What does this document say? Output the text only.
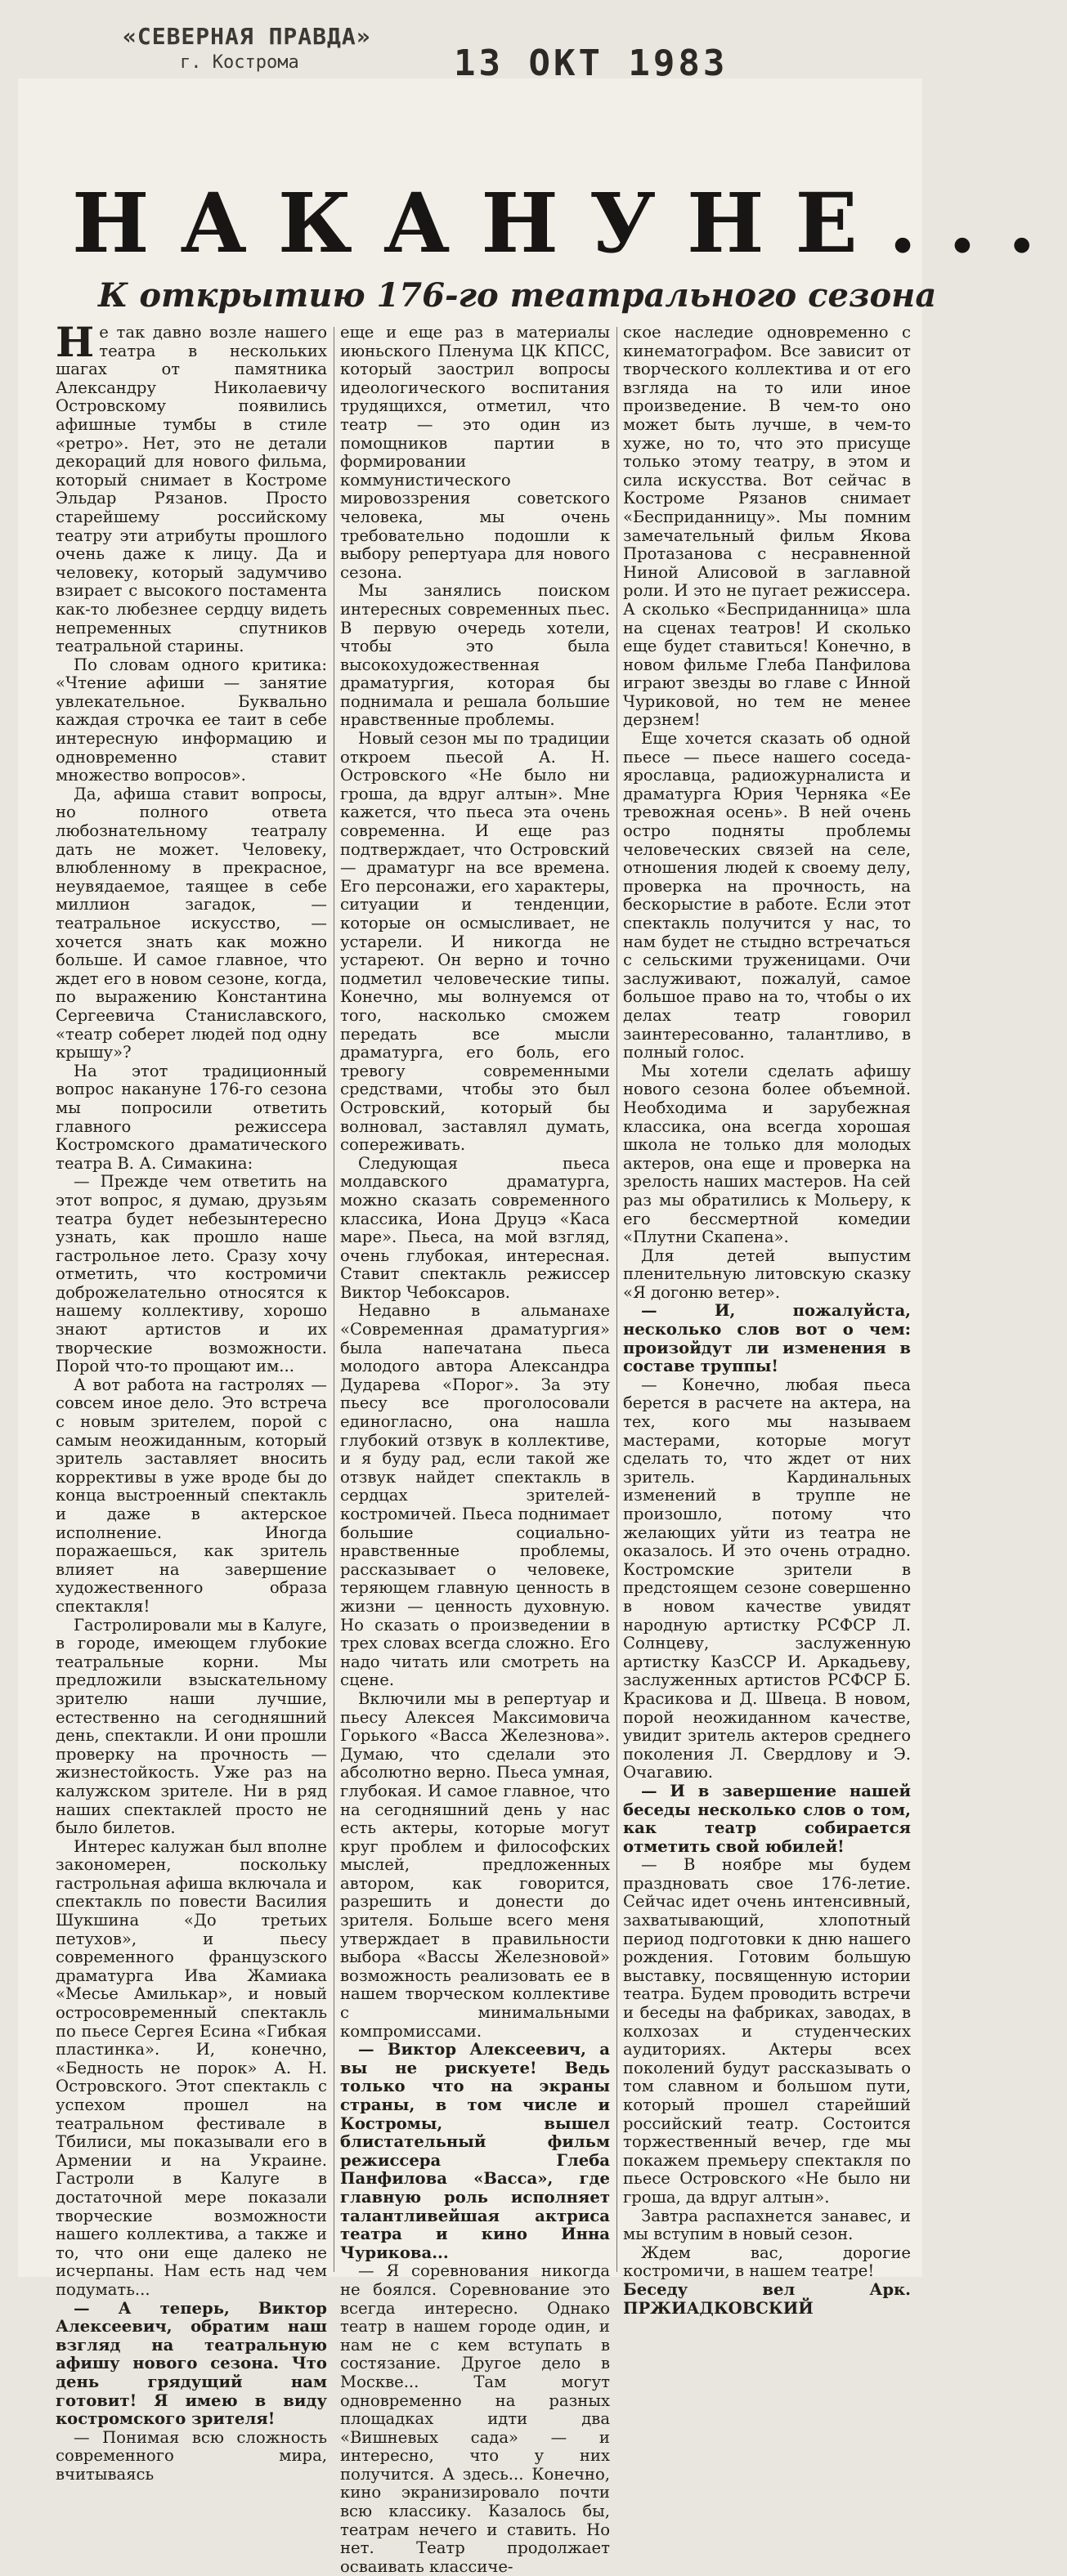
«СЕВЕРНАЯ ПРАВДА»
г. Кострома	13 ОКТ 1983
НАКАНУНЕ...
К открытию 176-го театрального сезона

Не так давно возле нашего театра в нескольких шагах от памятника Александру Николаевичу Островскому появились афишные тумбы в стиле «ретро». Нет, это не детали декораций для нового фильма, который снимает в Костроме Эльдар Рязанов. Просто старейшему российскому театру эти атрибуты прошлого очень даже к лицу. Да и человеку, который задумчиво взирает с высокого постамента как-то любезнее сердцу видеть непременных спутников театральной старины.

По словам одного критика: «Чтение афиши — занятие увлекательное. Буквально каждая строчка ее таит в себе интересную информацию и одновременно ставит множество вопросов».

Да, афиша ставит вопросы, но полного ответа любознательному театралу дать не может. Человеку, влюбленному в прекрасное, неувядаемое, таящее в себе миллион загадок, — театральное искусство, — хочется знать как можно больше. И самое главное, что ждет его в новом сезоне, когда, по выражению Константина Сергеевича Станиславского, «театр соберет людей под одну крышу»?

На этот традиционный вопрос накануне 176-го сезона мы попросили ответить главного режиссера Костромского драматического театра В. А. Симакина:

— Прежде чем ответить на этот вопрос, я думаю, друзьям театра будет небезынтересно узнать, как прошло наше гастрольное лето. Сразу хочу отметить, что костромичи доброжелательно относятся к нашему коллективу, хорошо знают артистов и их творческие возможности. Порой что-то прощают им...

А вот работа на гастролях — совсем иное дело. Это встреча с новым зрителем, порой с самым неожиданным, который зритель заставляет вносить коррективы в уже вроде бы до конца выстроенный спектакль и даже в актерское исполнение. Иногда поражаешься, как зритель влияет на завершение художественного образа спектакля!

Гастролировали мы в Калуге, в городе, имеющем глубокие театральные корни. Мы предложили взыскательному зрителю наши лучшие, естественно на сегодняшний день, спектакли. И они прошли проверку на прочность — жизнестойкость. Уже раз на калужском зрителе. Ни в ряд наших спектаклей просто не было билетов.

Интерес калужан был вполне закономерен, поскольку гастрольная афиша включала и спектакль по повести Василия Шукшина «До третьих петухов», и пьесу современного французского драматурга Ива Жамиака «Месье Амилькар», и новый остросовременный спектакль по пьесе Сергея Есина «Гибкая пластинка». И, конечно, «Бедность не порок» А. Н. Островского. Этот спектакль с успехом прошел на театральном фестивале в Тбилиси, мы показывали его в Армении и на Украине. Гастроли в Калуге в достаточной мере показали творческие возможности нашего коллектива, а также и то, что они еще далеко не исчерпаны. Нам есть над чем подумать...

— А теперь, Виктор Алексеевич, обратим наш взгляд на театральную афишу нового сезона. Что день грядущий нам готовит! Я имею в виду костромского зрителя!

— Понимая всю сложность современного мира, вчитываясь

еще и еще раз в материалы июньского Пленума ЦК КПСС, который заострил вопросы идеологического воспитания трудящихся, отметил, что театр — это один из помощников партии в формировании коммунистического мировоззрения советского человека, мы очень требовательно подошли к выбору репертуара для нового сезона.

Мы занялись поиском интересных современных пьес. В первую очередь хотели, чтобы это была высокохудожественная драматургия, которая бы поднимала и решала большие нравственные проблемы.

Новый сезон мы по традиции откроем пьесой А. Н. Островского «Не было ни гроша, да вдруг алтын». Мне кажется, что пьеса эта очень современна. И еще раз подтверждает, что Островский — драматург на все времена. Его персонажи, его характеры, ситуации и тенденции, которые он осмысливает, не устарели. И никогда не устареют. Он верно и точно подметил человеческие типы. Конечно, мы волнуемся от того, насколько сможем передать все мысли драматурга, его боль, его тревогу современными средствами, чтобы это был Островский, который бы волновал, заставлял думать, сопереживать.

Следующая пьеса молдавского драматурга, можно сказать современного классика, Иона Друцэ «Каса маре». Пьеса, на мой взгляд, очень глубокая, интересная. Ставит спектакль режиссер Виктор Чебоксаров.

Недавно в альманахе «Современная драматургия» была напечатана пьеса молодого автора Александра Дударева «Порог». За эту пьесу все проголосовали единогласно, она нашла глубокий отзвук в коллективе, и я буду рад, если такой же отзвук найдет спектакль в сердцах зрителей-костромичей. Пьеса поднимает большие социально-нравственные проблемы, рассказывает о человеке, теряющем главную ценность в жизни — ценность духовную. Но сказать о произведении в трех словах всегда сложно. Его надо читать или смотреть на сцене.

Включили мы в репертуар и пьесу Алексея Максимовича Горького «Васса Железнова». Думаю, что сделали это абсолютно верно. Пьеса умная, глубокая. И самое главное, что на сегодняшний день у нас есть актеры, которые могут круг проблем и философских мыслей, предложенных автором, как говорится, разрешить и донести до зрителя. Больше всего меня утверждает в правильности выбора «Вассы Железновой» возможность реализовать ее в нашем творческом коллективе с минимальными компромиссами.

— Виктор Алексеевич, а вы не рискуете! Ведь только что на экраны страны, в том числе и Костромы, вышел блистательный фильм режиссера Глеба Панфилова «Васса», где главную роль исполняет талантливейшая актриса театра и кино Инна Чурикова...

— Я соревнования никогда не боялся. Соревнование это всегда интересно. Однако театр в нашем городе один, и нам не с кем вступать в состязание. Другое дело в Москве... Там могут одновременно на разных площадках идти два «Вишневых сада» — и интересно, что у них получится. А здесь... Конечно, кино экранизировало почти всю классику. Казалось бы, театрам нечего и ставить. Но нет. Театр продолжает осваивать классиче-

ское наследие одновременно с кинематографом. Все зависит от творческого коллектива и от его взгляда на то или иное произведение. В чем-то оно может быть лучше, в чем-то хуже, но то, что это присуще только этому театру, в этом и сила искусства. Вот сейчас в Костроме Рязанов снимает «Бесприданницу». Мы помним замечательный фильм Якова Протазанова с несравненной Ниной Алисовой в заглавной роли. И это не пугает режиссера. А сколько «Бесприданница» шла на сценах театров! И сколько еще будет ставиться! Конечно, в новом фильме Глеба Панфилова играют звезды во главе с Инной Чуриковой, но тем не менее дерзнем!

Еще хочется сказать об одной пьесе — пьесе нашего соседа-ярославца, радиожурналиста и драматурга Юрия Черняка «Ее тревожная осень». В ней очень остро подняты проблемы человеческих связей на селе, отношения людей к своему делу, проверка на прочность, на бескорыстие в работе. Если этот спектакль получится у нас, то нам будет не стыдно встречаться с сельскими труженицами. Очи заслуживают, пожалуй, самое большое право на то, чтобы о их делах театр говорил заинтересованно, талантливо, в полный голос.

Мы хотели сделать афишу нового сезона более объемной. Необходима и зарубежная классика, она всегда хорошая школа не только для молодых актеров, она еще и проверка на зрелость наших мастеров. На сей раз мы обратились к Мольеру, к его бессмертной комедии «Плутни Скапена».

Для детей выпустим пленительную литовскую сказку «Я догоню ветер».

— И, пожалуйста, несколько слов вот о чем: произойдут ли изменения в составе труппы!

— Конечно, любая пьеса берется в расчете на актера, на тех, кого мы называем мастерами, которые могут сделать то, что ждет от них зритель. Кардинальных изменений в труппе не произошло, потому что желающих уйти из театра не оказалось. И это очень отрадно. Костромские зрители в предстоящем сезоне совершенно в новом качестве увидят народную артистку РСФСР Л. Солнцеву, заслуженную артистку КазССР И. Аркадьеву, заслуженных артистов РСФСР Б. Красикова и Д. Швеца. В новом, порой неожиданном качестве, увидит зритель актеров среднего поколения Л. Свердлову и Э. Очагавию.

— И в завершение нашей беседы несколько слов о том, как театр собирается отметить свой юбилей!

— В ноябре мы будем праздновать свое 176-летие. Сейчас идет очень интенсивный, захватывающий, хлопотный период подготовки к дню нашего рождения. Готовим большую выставку, посвященную истории театра. Будем проводить встречи и беседы на фабриках, заводах, в колхозах и студенческих аудиториях. Актеры всех поколений будут рассказывать о том славном и большом пути, который прошел старейший российский театр. Состоится торжественный вечер, где мы покажем премьеру спектакля по пьесе Островского «Не было ни гроша, да вдруг алтын».

Завтра распахнется занавес, и мы вступим в новый сезон.

Ждем вас, дорогие костромичи, в нашем театре!

Беседу вел Арк. ПРЖИАДКОВСКИЙ
